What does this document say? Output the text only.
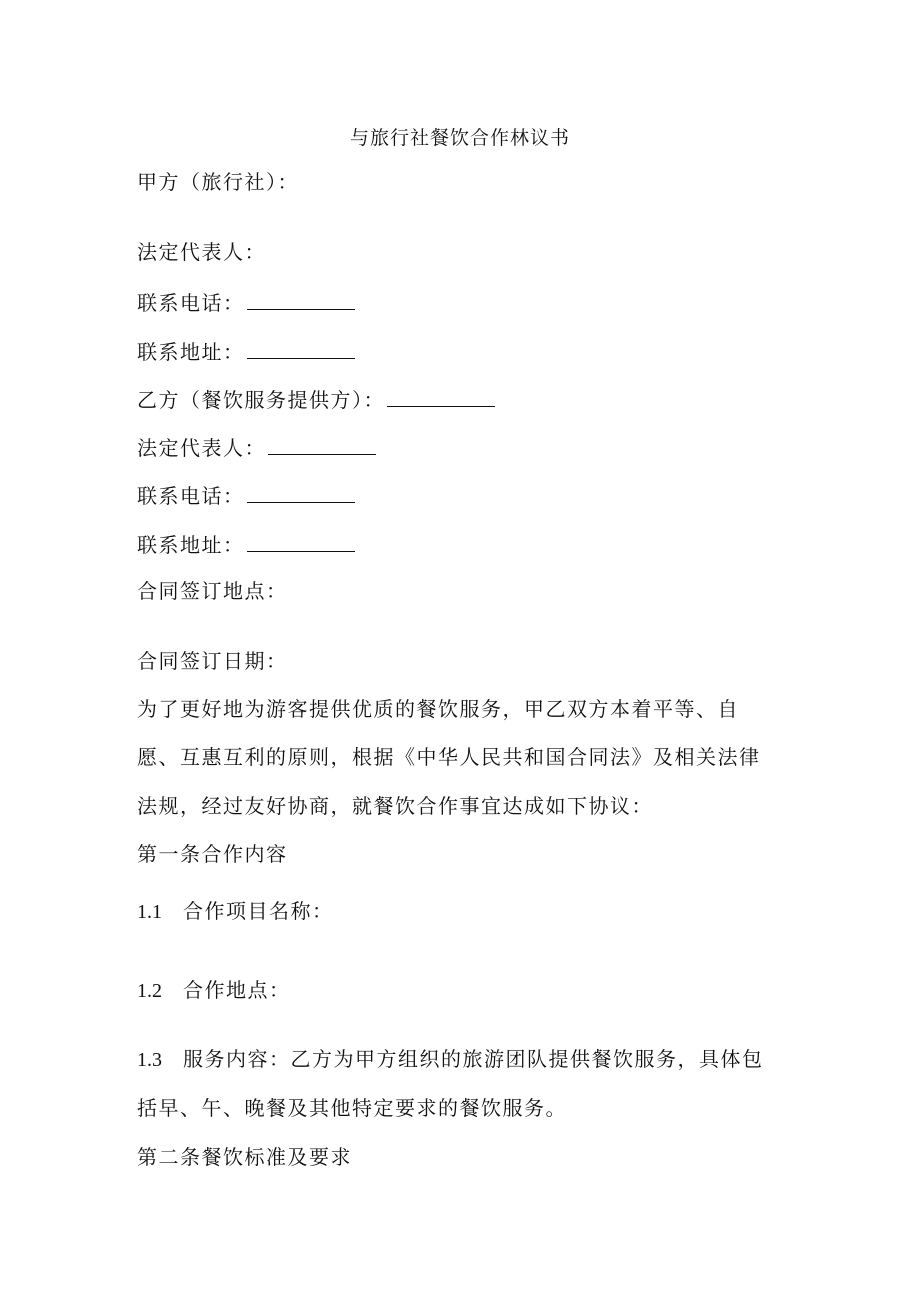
与旅行社餐饮合作林议书
甲方（旅行社）：
法定代表人：
联系电话：
联系地址：
乙方（餐饮服务提供方）：
法定代表人：
联系电话：
联系地址：
合同签订地点：
合同签订日期：
为了更好地为游客提供优质的餐饮服务，甲乙双方本着平等、自
愿、互惠互利的原则，根据《中华人民共和国合同法》及相关法律
法规，经过友好协商，就餐饮合作事宜达成如下协议：
第一条合作内容
1.1 合作项目名称：
1.2 合作地点：
1.3 服务内容：乙方为甲方组织的旅游团队提供餐饮服务，具体包
括早、午、晚餐及其他特定要求的餐饮服务。
第二条餐饮标准及要求
